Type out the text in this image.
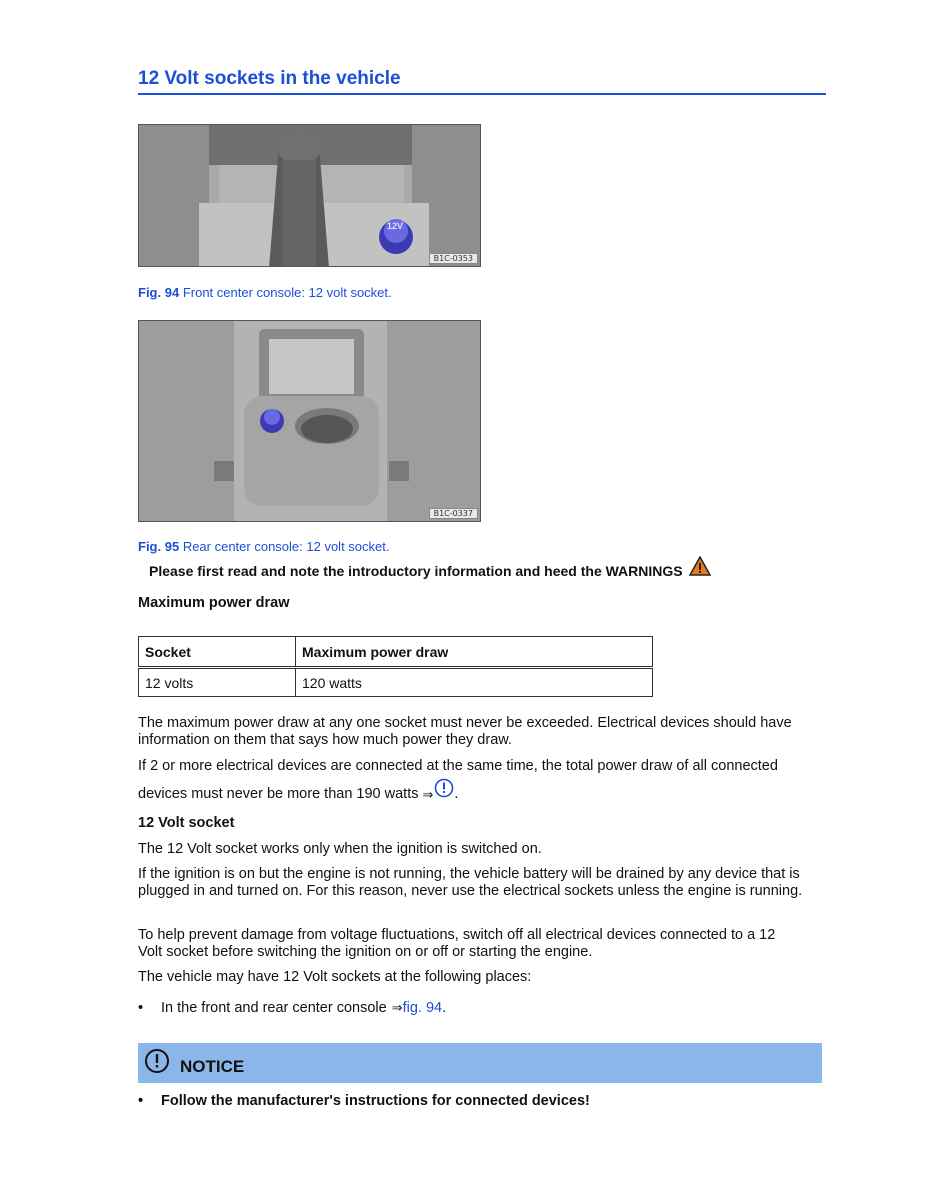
12 Volt sockets in the vehicle
12V
B1C-0353
Fig. 94 Front center console: 12 volt socket.
B1C-0337
Fig. 95 Rear center console: 12 volt socket.
Please first read and note the introductory information and heed the WARNINGS
Maximum power draw
Socket	Maximum power draw
12 volts	120 watts

The maximum power draw at any one socket must never be exceeded. Electrical devices should have information on them that says how much power they draw.

If 2 or more electrical devices are connected at the same time, the total power draw of all connected

devices must never be more than 190 watts ⇒ .

12 Volt socket

The 12 Volt socket works only when the ignition is switched on.

If the ignition is on but the engine is not running, the vehicle battery will be drained by any device that is plugged in and turned on. For this reason, never use the electrical sockets unless the engine is running.

To help prevent damage from voltage fluctuations, switch off all electrical devices connected to a 12 Volt socket before switching the ignition on or off or starting the engine.

The vehicle may have 12 Volt sockets at the following places:

•	In the front and rear center console ⇒ fig. 94 .
NOTICE
•	Follow the manufacturer's instructions for connected devices!
